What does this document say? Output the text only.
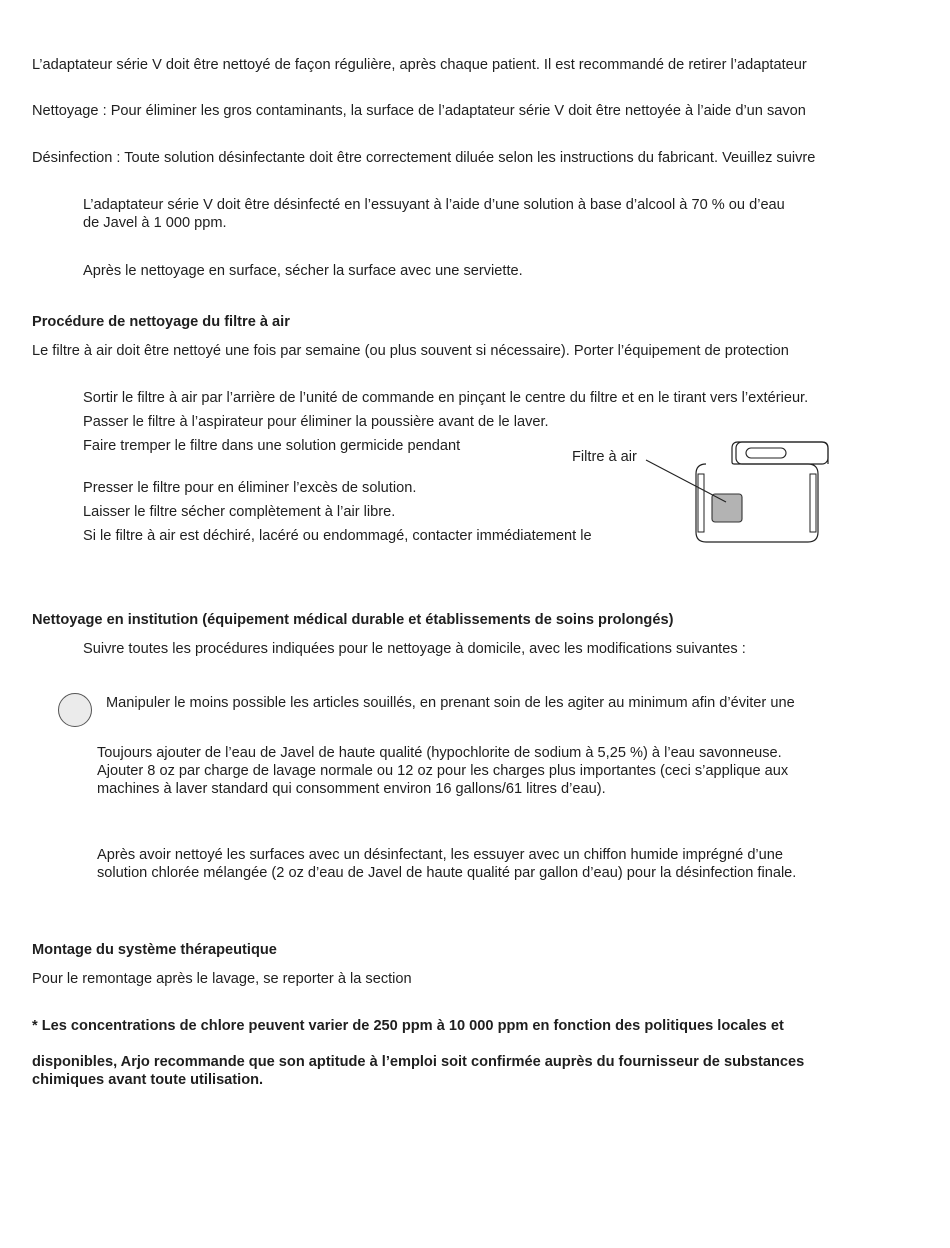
L’adaptateur série V doit être nettoyé de façon régulière, après chaque patient. Il est recommandé de retirer l’adaptateur

Nettoyage : Pour éliminer les gros contaminants, la surface de l’adaptateur série V doit être nettoyée à l’aide d’un savon

Désinfection : Toute solution désinfectante doit être correctement diluée selon les instructions du fabricant. Veuillez suivre

L’adaptateur série V doit être désinfecté en l’essuyant à l’aide d’une solution à base d’alcool à 70 % ou d’eau

de Javel à 1 000 ppm.

Après le nettoyage en surface, sécher la surface avec une serviette.

Procédure de nettoyage du filtre à air

Le filtre à air doit être nettoyé une fois par semaine (ou plus souvent si nécessaire). Porter l’équipement de protection

Sortir le filtre à air par l’arrière de l’unité de commande en pinçant le centre du filtre et en le tirant vers l’extérieur.

Passer le filtre à l’aspirateur pour éliminer la poussière avant de le laver.

Faire tremper le filtre dans une solution germicide pendant

Presser le filtre pour en éliminer l’excès de solution.

Laisser le filtre sécher complètement à l’air libre.

Si le filtre à air est déchiré, lacéré ou endommagé, contacter immédiatement le

Filtre à air

Nettoyage en institution (équipement médical durable et établissements de soins prolongés)

Suivre toutes les procédures indiquées pour le nettoyage à domicile, avec les modifications suivantes :

Manipuler le moins possible les articles souillés, en prenant soin de les agiter au minimum afin d’éviter une

Toujours ajouter de l’eau de Javel de haute qualité (hypochlorite de sodium à 5,25 %) à l’eau savonneuse.

Ajouter 8 oz par charge de lavage normale ou 12 oz pour les charges plus importantes (ceci s’applique aux

machines à laver standard qui consomment environ 16 gallons/61 litres d’eau).

Après avoir nettoyé les surfaces avec un désinfectant, les essuyer avec un chiffon humide imprégné d’une

solution chlorée mélangée (2 oz d’eau de Javel de haute qualité par gallon d’eau) pour la désinfection finale.

Montage du système thérapeutique

Pour le remontage après le lavage, se reporter à la section

* Les concentrations de chlore peuvent varier de 250 ppm à 10 000 ppm en fonction des politiques locales et

disponibles, Arjo recommande que son aptitude à l’emploi soit confirmée auprès du fournisseur de substances

chimiques avant toute utilisation.
